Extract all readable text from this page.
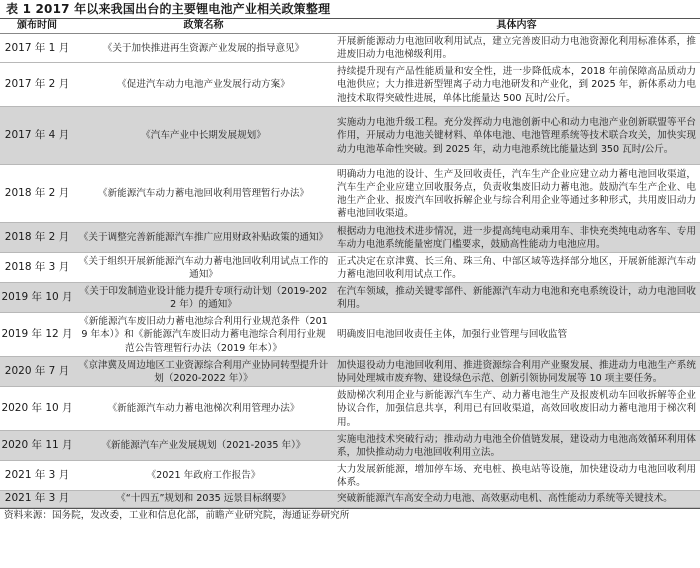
表 1 2017 年以来我国出台的主要锂电池产业相关政策整理
颁布时间	政策名称	具体内容
2017 年 1 月	《关于加快推进再生资源产业发展的指导意见》	开展新能源动力电池回收利用试点，建立完善废旧动力电池资源化利用标准体系，推进废旧动力电池梯级利用。
2017 年 2 月	《促进汽车动力电池产业发展行动方案》	持续提升现有产品性能质量和安全性，进一步降低成本，2018 年前保障高品质动力电池供应；大力推进新型锂离子动力电池研发和产业化，到 2025 年，新体系动力电池技术取得突破性进展，单体比能量达 500 瓦时/公斤。
2017 年 4 月	《汽车产业中长期发展规划》	实施动力电池升级工程。充分发挥动力电池创新中心和动力电池产业创新联盟等平台作用，开展动力电池关键材料、单体电池、电池管理系统等技术联合攻关，加快实现动力电池革命性突破。到 2025 年，动力电池系统比能量达到 350 瓦时/公斤。
2018 年 2 月	《新能源汽车动力蓄电池回收利用管理暂行办法》	明确动力电池的设计、生产及回收责任，汽车生产企业应建立动力蓄电池回收渠道，汽车生产企业应建立回收服务点，负责收集废旧动力蓄电池。鼓励汽车生产企业、电池生产企业、报废汽车回收拆解企业与综合利用企业等通过多种形式，共用废旧动力蓄电池回收渠道。
2018 年 2 月	《关于调整完善新能源汽车推广应用财政补贴政策的通知》	根据动力电池技术进步情况，进一步提高纯电动乘用车、非快充类纯电动客车、专用车动力电池系统能量密度门槛要求，鼓励高性能动力电池应用。
2018 年 3 月	《关于组织开展新能源汽车动力蓄电池回收利用试点工作的通知》	正式决定在京津冀、长三角、珠三角、中部区域等选择部分地区，开展新能源汽车动力蓄电池回收利用试点工作。
2019 年 10 月	《关于印发制造业设计能力提升专项行动计划（2019-2022 年）的通知》	在汽车领域，推动关键零部件、新能源汽车动力电池和充电系统设计，动力电池回收利用。
2019 年 12 月	《新能源汽车废旧动力蓄电池综合利用行业规范条件（2019 年本）》和《新能源汽车废旧动力蓄电池综合利用行业规范公告管理暂行办法（2019 年本）》	明确废旧电池回收责任主体，加强行业管理与回收监管
2020 年 7 月	《京津冀及周边地区工业资源综合利用产业协同转型提升计划（2020-2022 年）》	加快退役动力电池回收利用、推进资源综合利用产业聚发展、推进动力电池生产系统协同处理城市废弃物、建设绿色示范、创新引领协同发展等 10 项主要任务。
2020 年 10 月	《新能源汽车动力蓄电池梯次利用管理办法》	鼓励梯次利用企业与新能源汽车生产、动力蓄电池生产及报废机动车回收拆解等企业协议合作，加强信息共享，利用已有回收渠道，高效回收废旧动力蓄电池用于梯次利用。
2020 年 11 月	《新能源汽车产业发展规划（2021-2035 年）》	实施电池技术突破行动；推动动力电池全价值链发展，建设动力电池高效循环利用体系，加快推动动力电池回收利用立法。
2021 年 3 月	《2021 年政府工作报告》	大力发展新能源，增加停车场、充电桩、换电站等设施，加快建设动力电池回收利用体系。
2021 年 3 月	《“十四五”规划和 2035 远景目标纲要》	突破新能源汽车高安全动力电池、高效驱动电机、高性能动力系统等关键技术。
资料来源：国务院，发改委，工业和信息化部，前瞻产业研究院，海通证券研究所
